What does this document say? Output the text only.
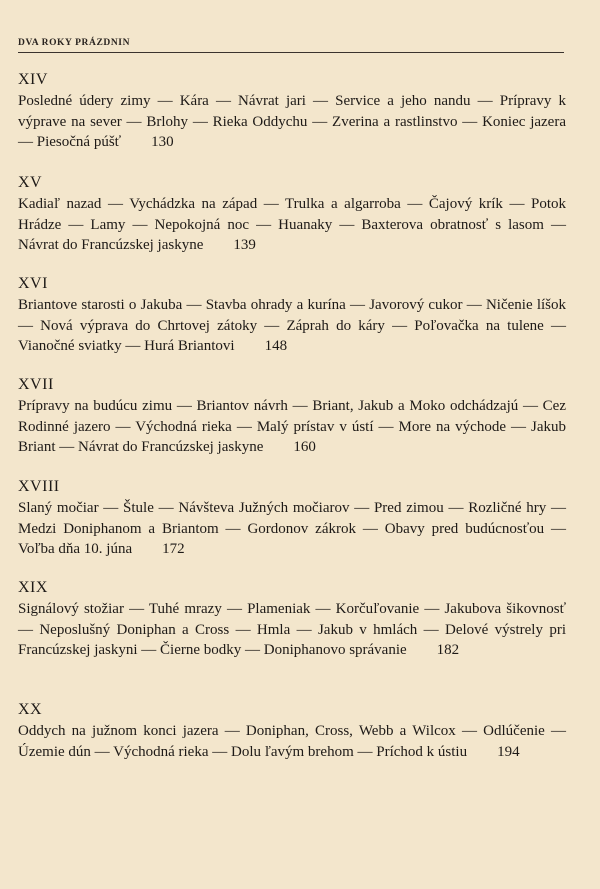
DVA ROKY PRÁZDNIN
XIV
Posledné údery zimy — Kára — Návrat jari — Service a jeho nandu — Prípravy k výprave na sever — Brlohy — Rieka Oddychu — Zverina a rastlinstvo — Koniec jazera — Piesočná púšť 130
XV
Kadiaľ nazad — Vychádzka na západ — Trulka a algarroba — Čajový krík — Potok Hrádze — Lamy — Nepokojná noc — Huanaky — Baxterova obratnosť s lasom — Návrat do Francúzskej jaskyne 139
XVI
Briantove starosti o Jakuba — Stavba ohrady a kurína — Javorový cukor — Ničenie líšok — Nová výprava do Chrtovej zátoky — Záprah do káry — Poľovačka na tulene — Vianočné sviatky — Hurá Briantovi 148
XVII
Prípravy na budúcu zimu — Briantov návrh — Briant, Jakub a Moko odchádzajú — Cez Rodinné jazero — Východná rieka — Malý prístav v ústí — More na východe — Jakub Briant — Návrat do Francúzskej jaskyne 160
XVIII
Slaný močiar — Štule — Návšteva Južných močiarov — Pred zimou — Rozličné hry — Medzi Doniphanom a Briantom — Gordonov zákrok — Obavy pred budúcnosťou — Voľba dňa 10. júna 172
XIX
Signálový stožiar — Tuhé mrazy — Plameniak — Korčuľovanie — Jakubova šikovnosť — Neposlušný Doniphan a Cross — Hmla — Jakub v hmlách — Delové výstrely pri Francúzskej jaskyni — Čierne bodky — Doniphanovo správanie 182
XX
Oddych na južnom konci jazera — Doniphan, Cross, Webb a Wilcox — Odlúčenie — Územie dún — Východná rieka — Dolu ľavým brehom — Príchod k ústiu 194
